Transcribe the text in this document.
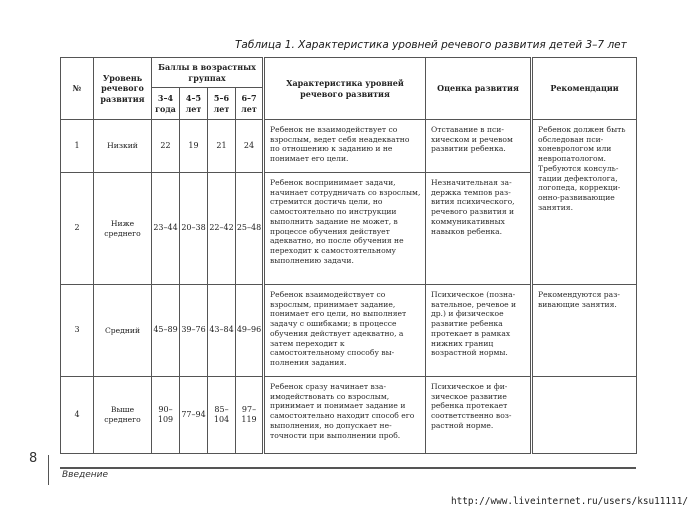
Таблица 1. Характеристика уровней речевого развития детей 3–7 лет
№	Уровень речевого развития	Баллы в возрастных группах				Характеристика уровней речевого развития	Оценка развития	Рекомендации
		3–4 года	4–5 лет	5–6 лет	6–7 лет			
1	Низкий	22	19	21	24	Ребенок не взаимодействует со взрослым, ведет себя неадекватно по отношению к заданию и не понимает его цели.	Отставание в психическом и речевом развитии ребенка.	Ребенок должен быть обследован психоневрологом или невропатологом. Требуются консультации дефектолога, логопеда, коррекционно-развивающие занятия.
2	Ниже среднего	23–44	20–38	22–42	25–48	Ребенок воспринимает задачи, начинает сотрудничать со взрослым, стремится достичь цели, но самостоятельно по инструкции выполнить задание не может, в процессе обучения действует адекватно, но после обучения не переходит к самостоятельному выполнению задачи.	Незначительная задержка темпов развития психического, речевого развития и коммуникативных навыков ребенка.	
3	Средний	45–89	39–76	43–84	49–96	Ребенок взаимодействует со взрослым, принимает задание, понимает его цели, но выполняет задачу с ошибками; в процессе обучения действует адекватно, а затем переходит к самостоятельному способу выполнения задания.	Психическое (познавательное, речевое и др.) и физическое развитие ребенка протекает в рамках нижних границ возрастной нормы.	Рекомендуются развивающие занятия.
4	Выше среднего	90–109	77–94	85–104	97–119	Ребенок сразу начинает взаимодействовать со взрослым, принимает и понимает задание и самостоятельно находит способ его выполнения, но допускает неточности при выполнении проб.	Психическое и физическое развитие ребенка протекает соответственно возрастной норме.	
8
Введение
http://www.liveinternet.ru/users/ksu11111/
